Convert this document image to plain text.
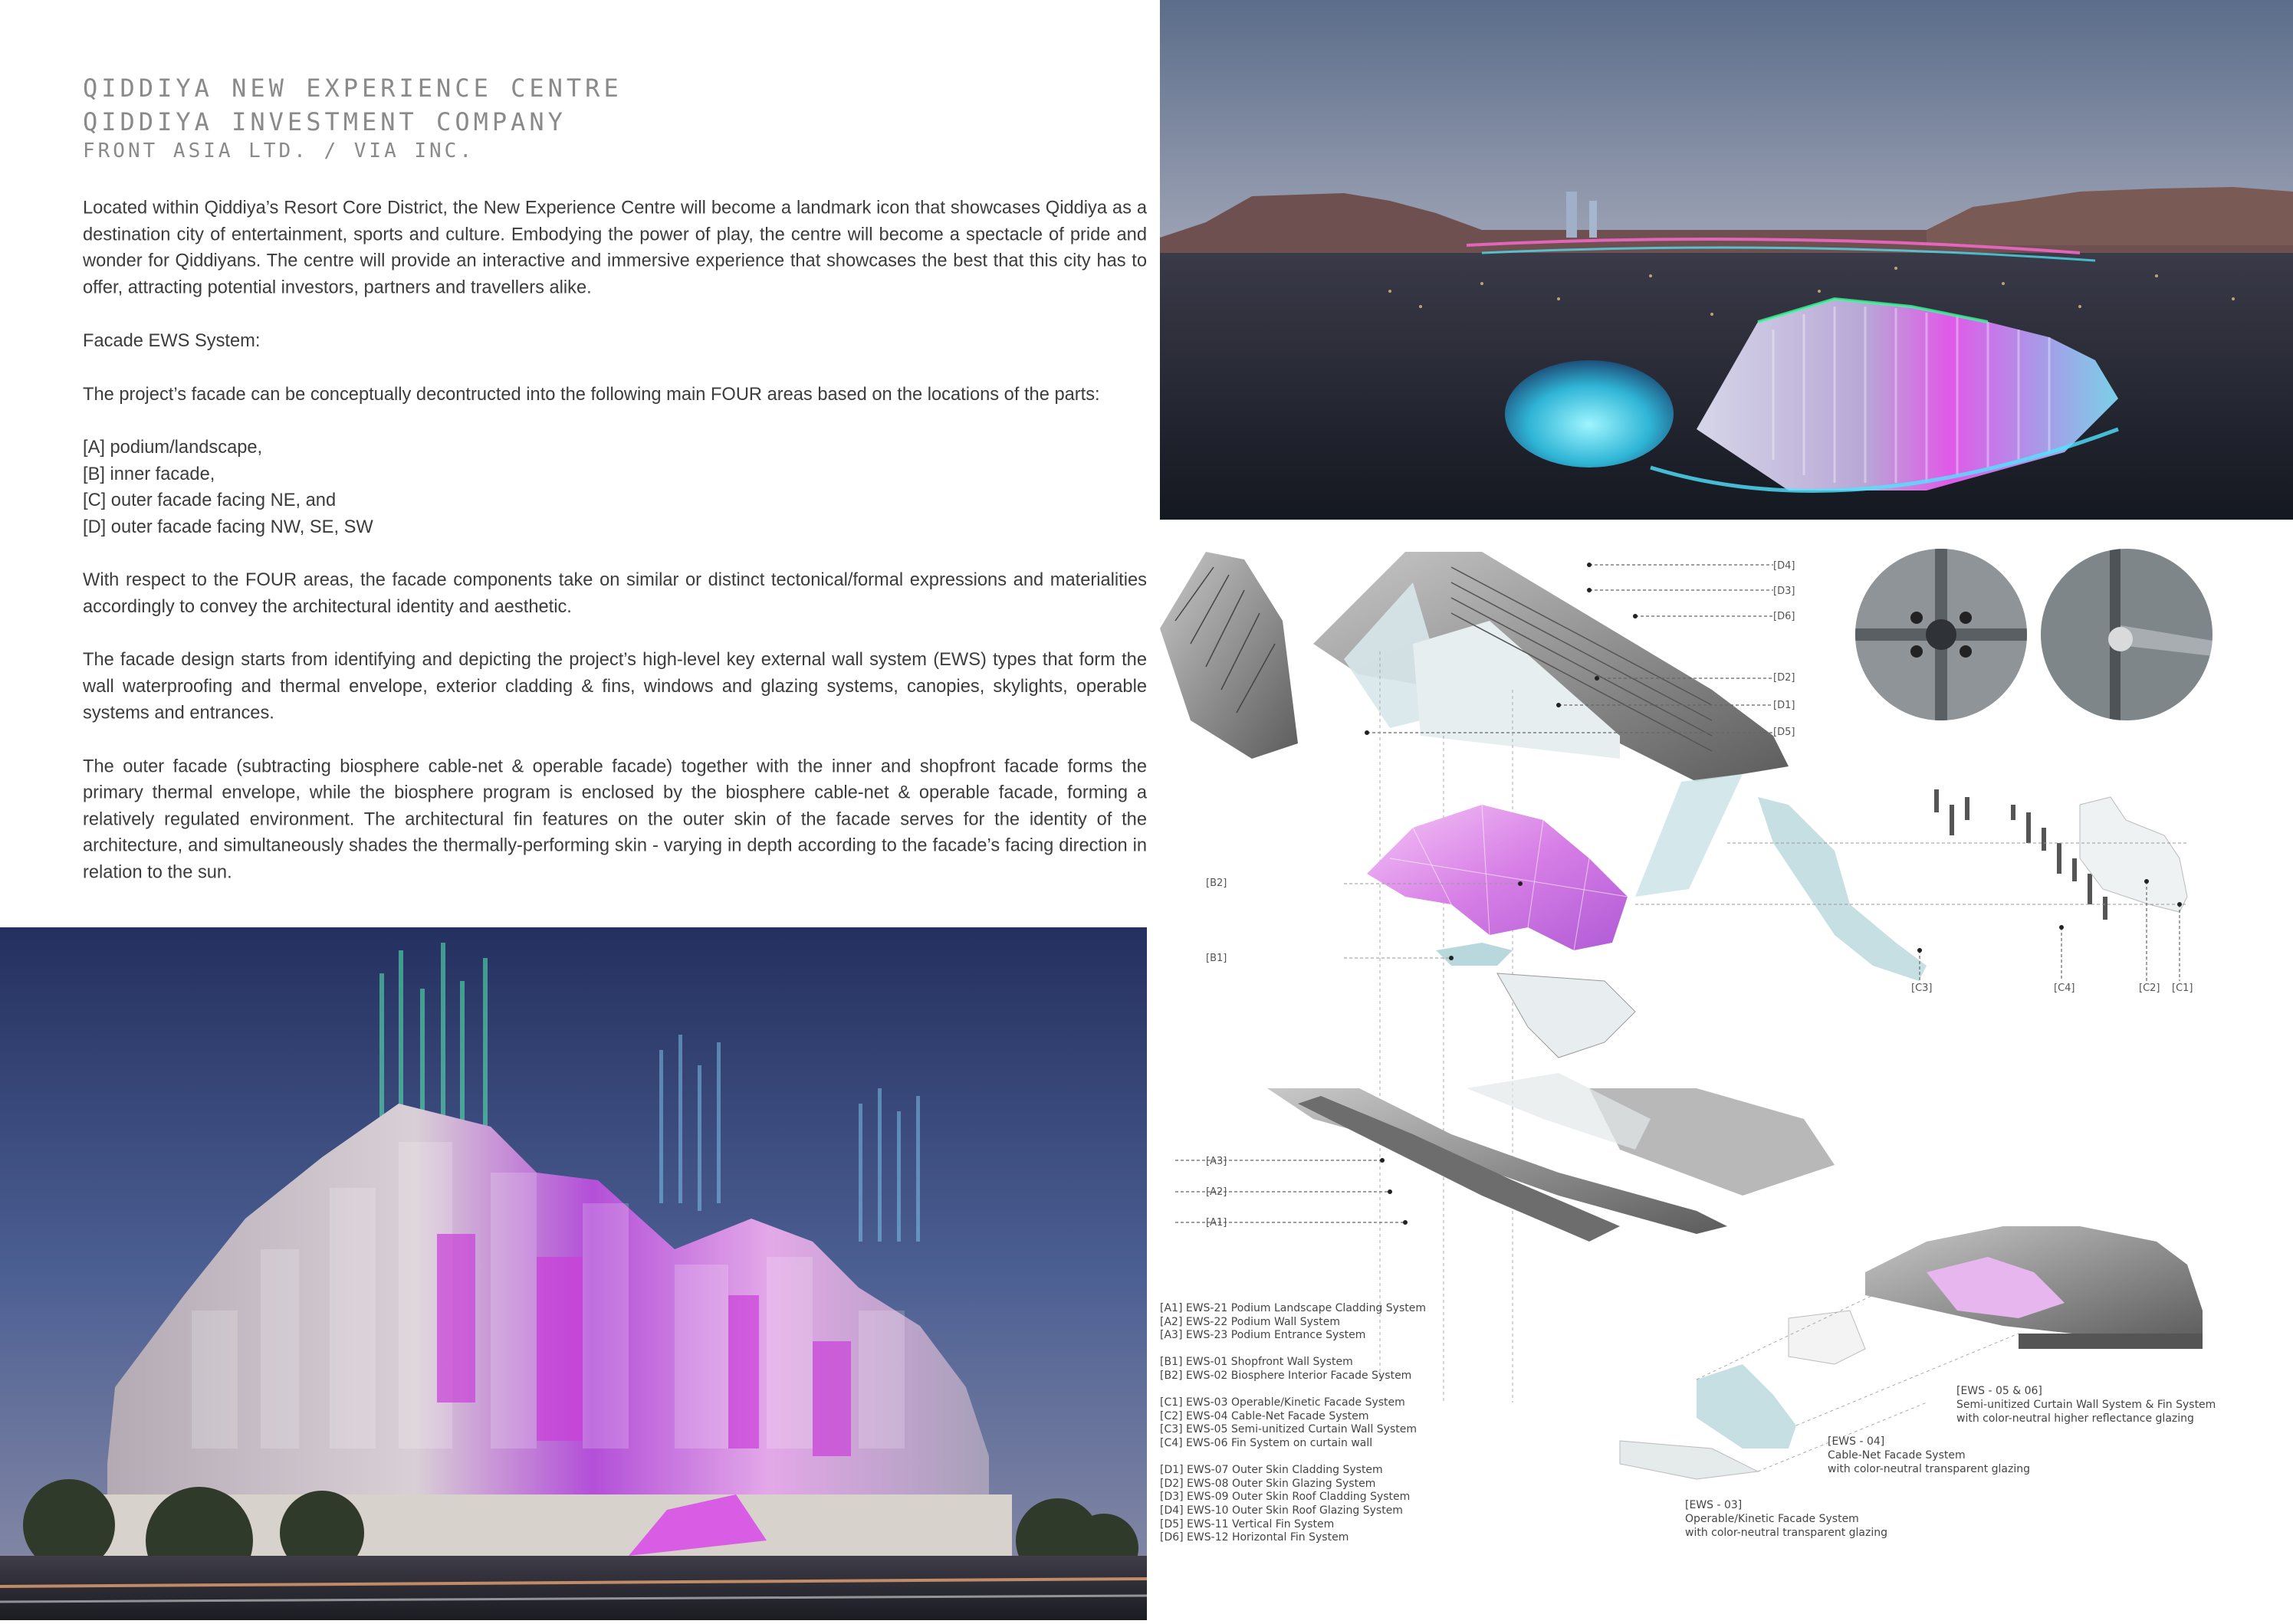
QIDDIYA NEW EXPERIENCE CENTRE
QIDDIYA INVESTMENT COMPANY
FRONT ASIA LTD. / VIA INC.

Located within Qiddiya’s Resort Core District, the New Experience Centre will become a landmark icon that showcases Qiddiya as a destination city of entertainment, sports and culture. Embodying the power of play, the centre will become a spectacle of pride and wonder for Qiddiyans. The centre will provide an interactive and immersive experience that showcases the best that this city has to offer, attracting potential investors, partners and travellers alike.

Facade EWS System:

The project’s facade can be conceptually decontructed into the following main FOUR areas based on the locations of the parts:

[A] podium/landscape,

[B] inner facade,

[C] outer facade facing NE, and

[D] outer facade facing NW, SE, SW

With respect to the FOUR areas, the facade components take on similar or distinct tectonical/formal expressions and materialities accordingly to convey the architectural identity and aesthetic.

The facade design starts from identifying and depicting the project’s high-level key external wall system (EWS) types that form the wall waterproofing and thermal envelope, exterior cladding & fins, windows and glazing systems, canopies, skylights, operable systems and entrances.

The outer facade (subtracting biosphere cable-net & operable facade) together with the inner and shopfront facade forms the primary thermal envelope, while the biosphere program is enclosed by the biosphere cable-net & operable facade, forming a relatively regulated environment. The architectural fin features on the outer skin of the facade serves for the identity of the architecture, and simultaneously shades the thermally-performing skin - varying in depth according to the facade’s facing direction in relation to the sun.

[D4]
[D3]
[D6]
[D2]
[D1]
[D5]
[B2]
[B1]
[C3]	[C4]	[C2] [C1]
[A3]
[A2]
[A1]
[A1] EWS-21 Podium Landscape Cladding System
[A2] EWS-22 Podium Wall System
[A3] EWS-23 Podium Entrance System
[B1] EWS-01 Shopfront Wall System
[B2] EWS-02 Biosphere Interior Facade System
[C1] EWS-03 Operable/Kinetic Facade System
[C2] EWS-04 Cable-Net Facade System
[C3] EWS-05 Semi-unitized Curtain Wall System
[C4] EWS-06 Fin System on curtain wall
[D1] EWS-07 Outer Skin Cladding System
[D2] EWS-08 Outer Skin Glazing System
[D3] EWS-09 Outer Skin Roof Cladding System
[D4] EWS-10 Outer Skin Roof Glazing System
[D5] EWS-11 Vertical Fin System
[D6] EWS-12 Horizontal Fin System
[EWS - 05 & 06]
Semi-unitized Curtain Wall System & Fin System
with color-neutral higher reflectance glazing
[EWS - 04]
Cable-Net Facade System
with color-neutral transparent glazing
[EWS - 03]
Operable/Kinetic Facade System
with color-neutral transparent glazing
